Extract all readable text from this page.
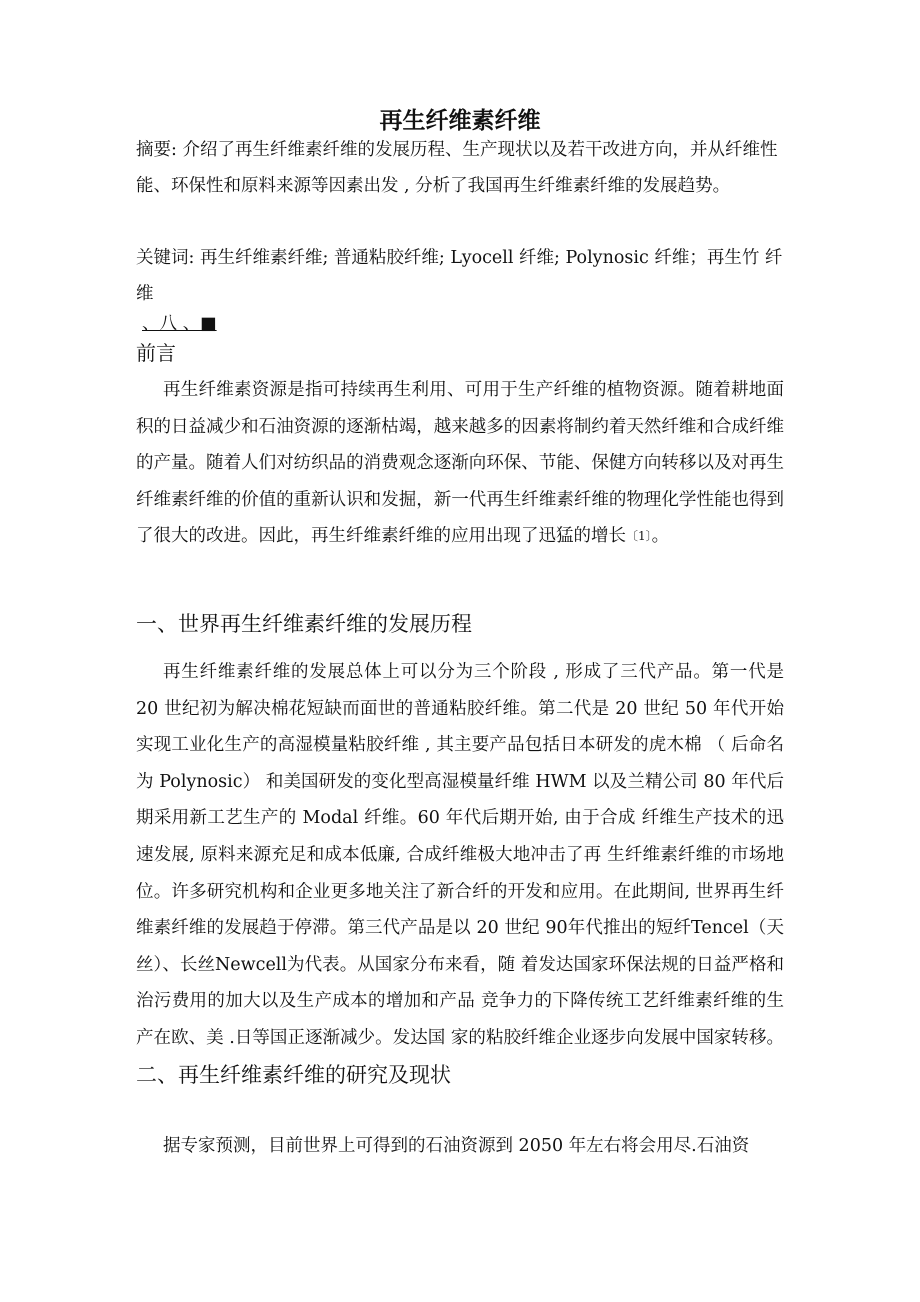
再生纤维素纤维

摘要: 介绍了再生纤维素纤维的发展历程、生产现状以及若干改进方向，并从纤维性能、环保性和原料来源等因素出发 , 分析了我国再生纤维素纤维的发展趋势。

关键词: 再生纤维素纤维; 普通粘胶纤维; Lyocell 纤维; Polynosic 纤维；再生竹 纤维

、八 、■
前言

再生纤维素资源是指可持续再生利用、可用于生产纤维的植物资源。随着耕地面积的日益减少和石油资源的逐渐枯竭，越来越多的因素将制约着天然纤维和合成纤维的产量。随着人们对纺织品的消费观念逐渐向环保、节能、保健方向转移以及对再生纤维素纤维的价值的重新认识和发掘，新一代再生纤维素纤维的物理化学性能也得到了很大的改进。因此，再生纤维素纤维的应用出现了迅猛的增长〔1〕。

一、世界再生纤维素纤维的发展历程

再生纤维素纤维的发展总体上可以分为三个阶段 , 形成了三代产品。第一代是 20 世纪初为解决棉花短缺而面世的普通粘胶纤维。第二代是 20 世纪 50 年代开始实现工业化生产的高湿模量粘胶纤维 , 其主要产品包括日本研发的虎木棉 （ 后命名为 Polynosic） 和美国研发的变化型高湿模量纤维 HWM 以及兰精公司 80 年代后期采用新工艺生产的 Modal 纤维。60 年代后期开始, 由于合成 纤维生产技术的迅速发展, 原料来源充足和成本低廉, 合成纤维极大地冲击了再 生纤维素纤维的市场地位。许多研究机构和企业更多地关注了新合纤的开发和应用。在此期间, 世界再生纤维素纤维的发展趋于停滞。第三代产品是以 20 世纪 90年代推出的短纤Tencel（天丝）、长丝Newcell为代表。从国家分布来看，随 着发达国家环保法规的日益严格和治污费用的加大以及生产成本的增加和产品 竞争力的下降传统工艺纤维素纤维的生产在欧、美 .日等国正逐渐减少。发达国 家的粘胶纤维企业逐步向发展中国家转移。 二、再生纤维素纤维的研究及现状

据专家预测，目前世界上可得到的石油资源到 2050 年左右将会用尽.石油资
